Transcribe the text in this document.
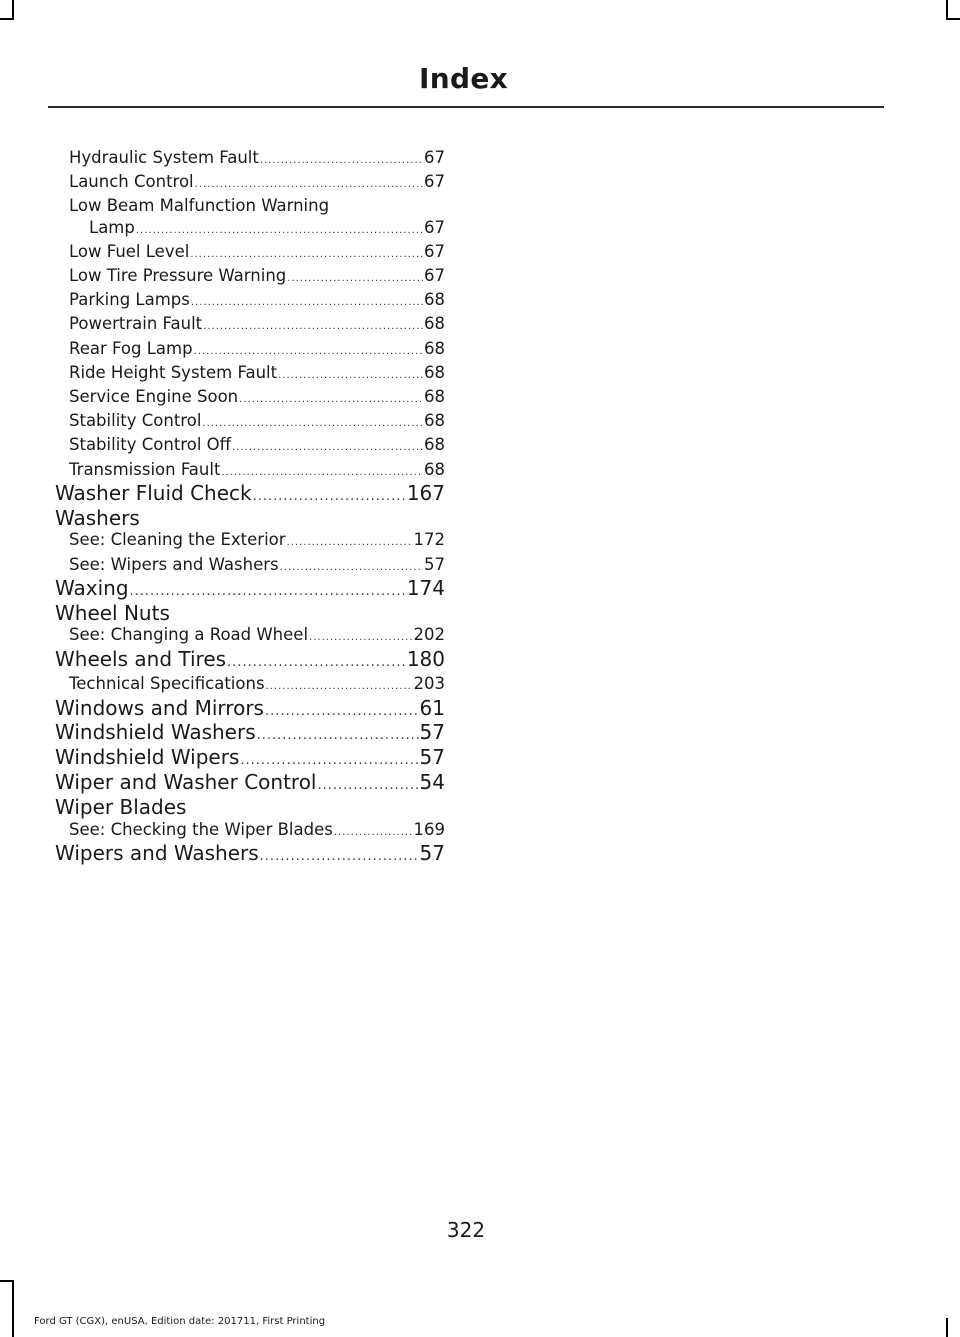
Index
Hydraulic System Fault .....	67
Launch Control .....	67
Low Beam Malfunction Warning
Lamp .....	67
Low Fuel Level .....	67
Low Tire Pressure Warning .....	67
Parking Lamps .....	68
Powertrain Fault .....	68
Rear Fog Lamp .....	68
Ride Height System Fault .....	68
Service Engine Soon .....	68
Stability Control .....	68
Stability Control Off .....	68
Transmission Fault .....	68
Washer Fluid Check .....	167
Washers
See: Cleaning the Exterior .....	172
See: Wipers and Washers .....	57
Waxing .....	174
Wheel Nuts
See: Changing a Road Wheel .....	202
Wheels and Tires .....	180
Technical Specifications .....	203
Windows and Mirrors .....	61
Windshield Washers .....	57
Windshield Wipers .....	57
Wiper and Washer Control .....	54
Wiper Blades
See: Checking the Wiper Blades .....	169
Wipers and Washers .....	57
322
Ford GT (CGX), enUSA, Edition date: 201711, First Printing
